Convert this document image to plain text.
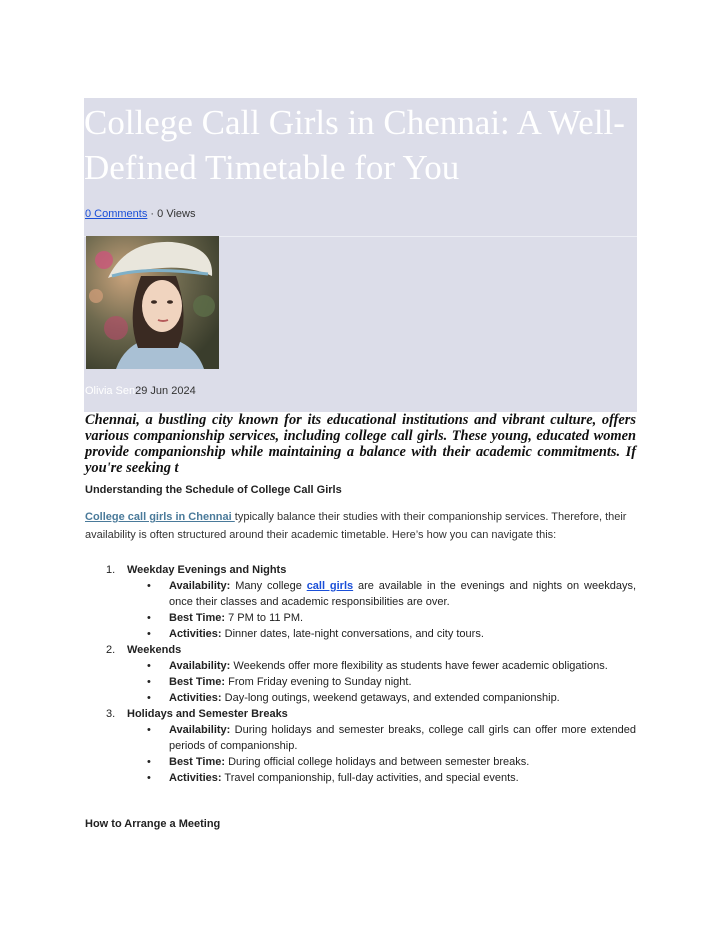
College Call Girls in Chennai: A Well-Defined Timetable for You
0 Comments · 0 Views
Olivia Sen29 Jun 2024

Chennai, a bustling city known for its educational institutions and vibrant culture, offers various companionship services, including college call girls. These young, educated women provide companionship while maintaining a balance with their academic commitments. If you're seeking t

Understanding the Schedule of College Call Girls

College call girls in Chennai typically balance their studies with their companionship services. Therefore, their availability is often structured around their academic timetable. Here’s how you can navigate this:

1. Weekday Evenings and Nights
• Availability: Many college call girls are available in the evenings and nights on weekdays, once their classes and academic responsibilities are over.
• Best Time: 7 PM to 11 PM.
• Activities: Dinner dates, late-night conversations, and city tours.
2. Weekends
• Availability: Weekends offer more flexibility as students have fewer academic obligations.
• Best Time: From Friday evening to Sunday night.
• Activities: Day-long outings, weekend getaways, and extended companionship.
3. Holidays and Semester Breaks
• Availability: During holidays and semester breaks, college call girls can offer more extended periods of companionship.
• Best Time: During official college holidays and between semester breaks.
• Activities: Travel companionship, full-day activities, and special events.
How to Arrange a Meeting
